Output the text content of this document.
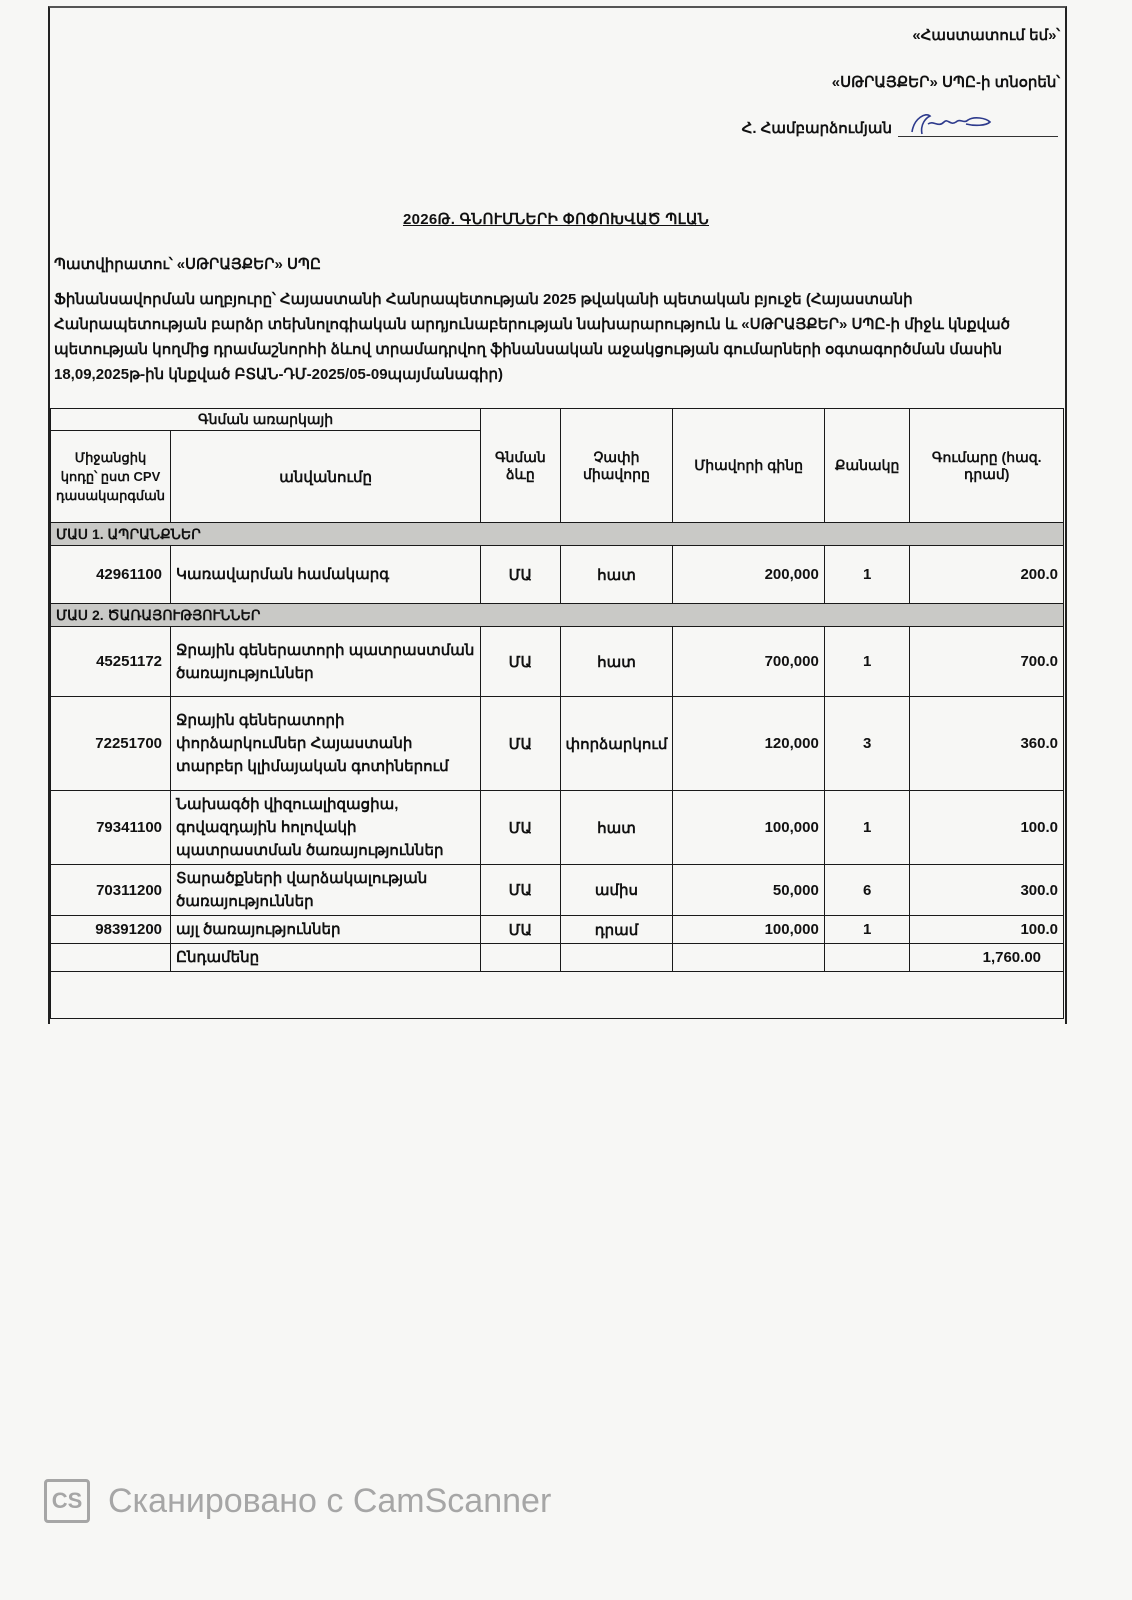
«Հաստատում եմ»՝
«ՍԹՐԱՅՔԵՐ» ՍՊԸ-ի տնօրեն՝
Հ. Համբարձումյան
2026Թ. ԳՆՈՒՄՆԵՐԻ ՓՈՓՈԽՎԱԾ ՊԼԱՆ
Պատվիրատու՝ «ՍԹՐԱՅՔԵՐ» ՍՊԸ
Ֆինանսավորման աղբյուրը՝ Հայաստանի Հանրապետության 2025 թվականի պետական բյուջե (Հայաստանի Հանրապետության բարձր տեխնոլոգիական արդյունաբերության նախարարություն և «ՍԹՐԱՅՔԵՐ» ՍՊԸ-ի միջև կնքված պետության կողմից դրամաշնորհի ձևով տրամադրվող ֆինանսական աջակցության գումարների օգտագործման մասին 18,09,2025թ-ին կնքված ԲՏԱՆ-ԴՄ-2025/05-09պայմանագիր)
Գնման առարկայի		Գնման ձևը	Չափի միավորը	Միավորի գինը	Քանակը	Գումարը (հազ. դրամ)
Միջանցիկ կոդը՝ ըստ CPV դասակարգման	անվանումը					
ՄԱՍ 1. ԱՊՐԱՆՔՆԵՐ						
42961100	Կառավարման համակարգ	ՄԱ	հատ	200,000	1	200.0
ՄԱՍ 2. ԾԱՌԱՅՈՒԹՅՈՒՆՆԵՐ						
45251172	Ջրային գեներատորի պատրաստման ծառայություններ	ՄԱ	հատ	700,000	1	700.0
72251700	Ջրային գեներատորի փորձարկումներ Հայաստանի տարբեր կլիմայական գոտիներում	ՄԱ	փորձարկում	120,000	3	360.0
79341100	Նախագծի վիզուալիզացիա, գովազդային հոլովակի պատրաստման ծառայություններ	ՄԱ	հատ	100,000	1	100.0
70311200	Տարածքների վարձակալության ծառայություններ	ՄԱ	ամիս	50,000	6	300.0
98391200	այլ ծառայություններ	ՄԱ	դրամ	100,000	1	100.0
	Ընդամենը					1,760.00

CS Сканировано с CamScanner
